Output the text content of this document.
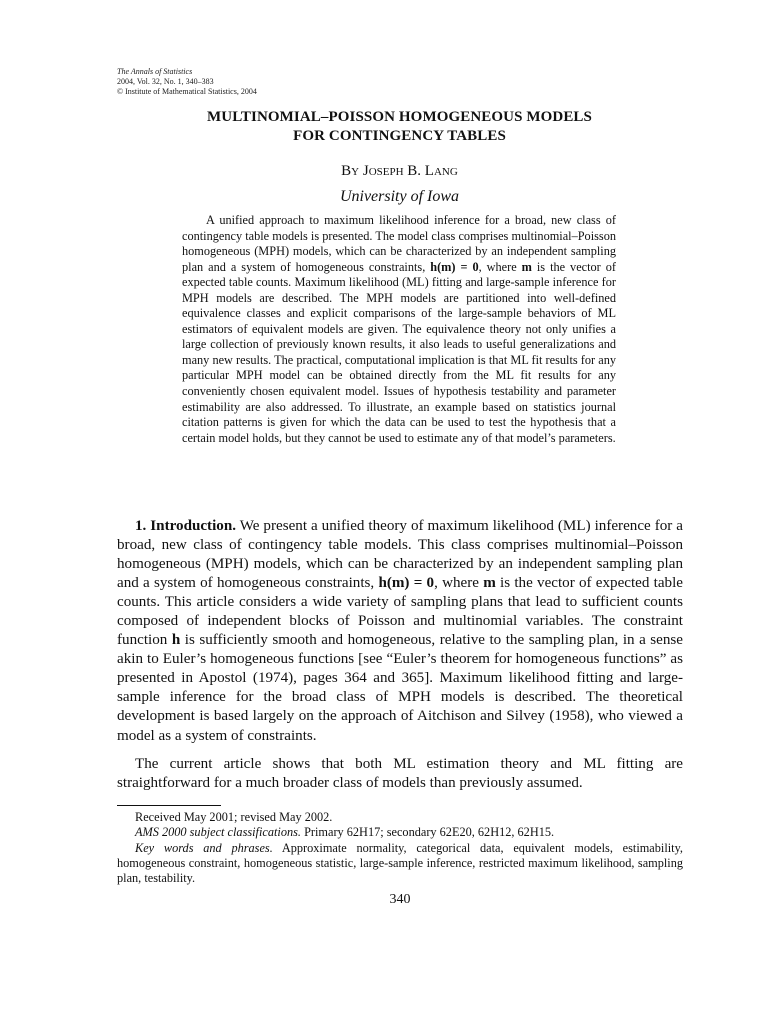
The Annals of Statistics
2004, Vol. 32, No. 1, 340–383
© Institute of Mathematical Statistics, 2004
MULTINOMIAL–POISSON HOMOGENEOUS MODELS
FOR CONTINGENCY TABLES
By Joseph B. Lang
University of Iowa

A unified approach to maximum likelihood inference for a broad, new class of contingency table models is presented. The model class comprises multinomial–Poisson homogeneous (MPH) models, which can be characterized by an independent sampling plan and a system of homogeneous constraints, h(m) = 0, where m is the vector of expected table counts. Maximum likelihood (ML) fitting and large-sample inference for MPH models are described. The MPH models are partitioned into well-defined equivalence classes and explicit comparisons of the large-sample behaviors of ML estimators of equivalent models are given. The equivalence theory not only unifies a large collection of previously known results, it also leads to useful generalizations and many new results. The practical, computational implication is that ML fit results for any particular MPH model can be obtained directly from the ML fit results for any conveniently chosen equivalent model. Issues of hypothesis testability and parameter estimability are also addressed. To illustrate, an example based on statistics journal citation patterns is given for which the data can be used to test the hypothesis that a certain model holds, but they cannot be used to estimate any of that model’s parameters.

1. Introduction. We present a unified theory of maximum likelihood (ML) inference for a broad, new class of contingency table models. This class comprises multinomial–Poisson homogeneous (MPH) models, which can be characterized by an independent sampling plan and a system of homogeneous constraints, h(m) = 0, where m is the vector of expected table counts. This article considers a wide variety of sampling plans that lead to sufficient counts composed of independent blocks of Poisson and multinomial variables. The constraint function h is sufficiently smooth and homogeneous, relative to the sampling plan, in a sense akin to Euler’s homogeneous functions [see “Euler’s theorem for homogeneous functions” as presented in Apostol (1974), pages 364 and 365]. Maximum likelihood fitting and large-sample inference for the broad class of MPH models is described. The theoretical development is based largely on the approach of Aitchison and Silvey (1958), who viewed a model as a system of constraints.

The current article shows that both ML estimation theory and ML fitting are straightforward for a much broader class of models than previously assumed.

Received May 2001; revised May 2002.

AMS 2000 subject classifications. Primary 62H17; secondary 62E20, 62H12, 62H15.

Key words and phrases. Approximate normality, categorical data, equivalent models, estimability, homogeneous constraint, homogeneous statistic, large-sample inference, restricted maximum likelihood, sampling plan, testability.

340
